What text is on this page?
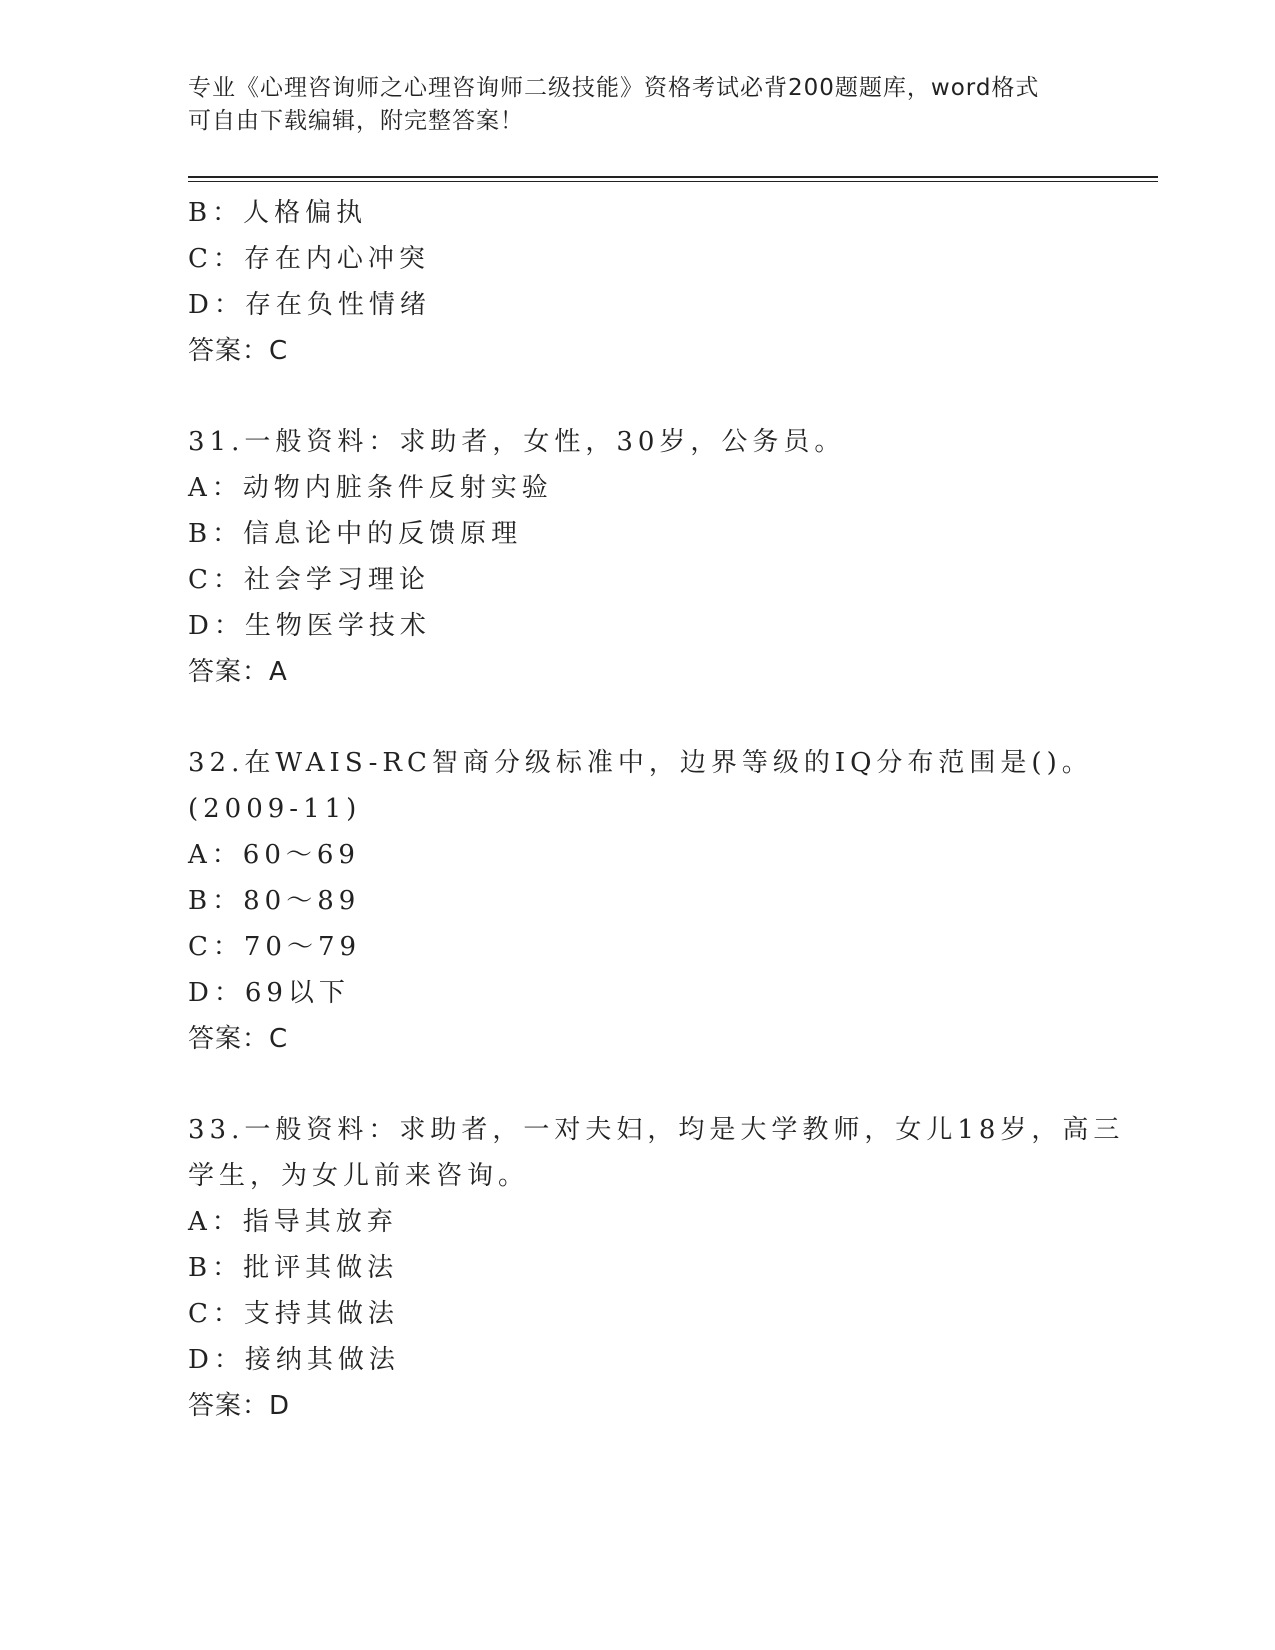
专业《心理咨询师之心理咨询师二级技能》资格考试必背200题题库，word格式
可自由下载编辑，附完整答案！
B：人格偏执
C：存在内心冲突
D：存在负性情绪
答案：C
31.一般资料：求助者，女性，30岁，公务员。
A：动物内脏条件反射实验
B：信息论中的反馈原理
C：社会学习理论
D：生物医学技术
答案：A
32.在WAIS-RC智商分级标准中，边界等级的IQ分布范围是()。
(2009-11)
A：60～69
B：80～89
C：70～79
D：69以下
答案：C
33.一般资料：求助者，一对夫妇，均是大学教师，女儿18岁，高三
学生，为女儿前来咨询。
A：指导其放弃
B：批评其做法
C：支持其做法
D：接纳其做法
答案：D
